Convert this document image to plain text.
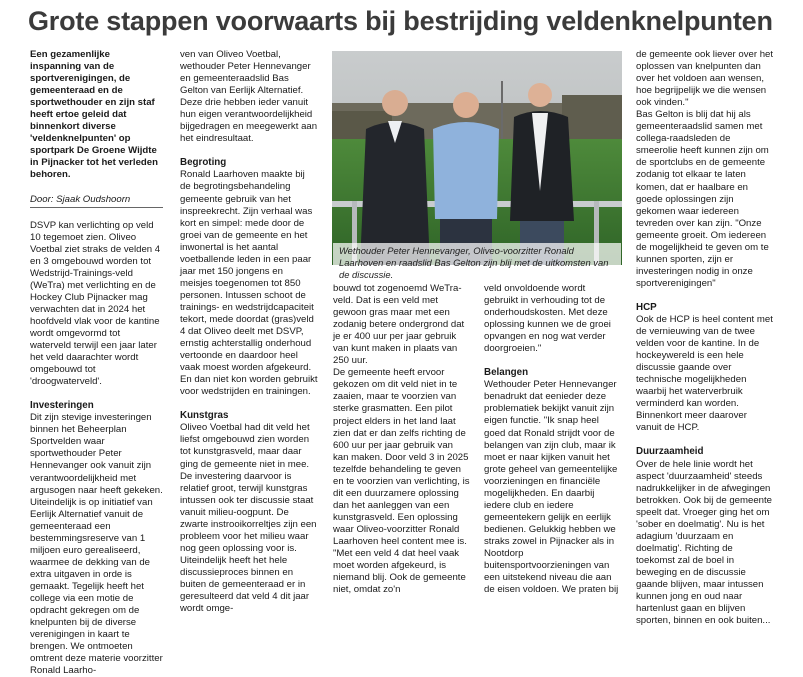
Grote stappen voorwaarts bij bestrijding veldenknelpunten

Een gezamenlijke inspanning van de sportverenigingen, de gemeenteraad en de sportwethouder en zijn staf heeft ertoe geleid dat binnenkort diverse 'veldenknelpunten' op sportpark De Groene Wijdte in Pijnacker tot het verleden behoren.

Door: Sjaak Oudshoorn

DSVP kan verlichting op veld 10 tegemoet zien. Oliveo Voetbal ziet straks de velden 4 en 3 omgebouwd worden tot Wedstrijd-Trainings-veld (WeTra) met verlichting en de Hockey Club Pijnacker mag verwachten dat in 2024 het hoofdveld vlak voor de kantine wordt omgevormd tot waterveld terwijl een jaar later het veld daarachter wordt omgebouwd tot 'droogwaterveld'.

Investeringen

Dit zijn stevige investeringen binnen het Beheerplan Sportvelden waar sportwethouder Peter Hennevanger ook vanuit zijn verantwoordelijkheid met argusogen naar heeft gekeken. Uiteindelijk is op initiatief van Eerlijk Alternatief vanuit de gemeenteraad een bestemmingsreserve van 1 miljoen euro gerealiseerd, waarmee de dekking van de extra uitgaven in orde is gemaakt. Tegelijk heeft het college via een motie de opdracht gekregen om de knelpunten bij de diverse verenigingen in kaart te brengen. We ontmoeten omtrent deze materie voorzitter Ronald Laarho-

ven van Oliveo Voetbal, wethouder Peter Hennevanger en gemeenteraadslid Bas Gelton van Eerlijk Alternatief. Deze drie hebben ieder vanuit hun eigen verantwoordelijkheid bijgedragen en meegewerkt aan het eindresultaat.

Begroting

Ronald Laarhoven maakte bij de begrotingsbehandeling gemeente gebruik van het inspreekrecht. Zijn verhaal was kort en simpel: mede door de groei van de gemeente en het inwonertal is het aantal voetballende leden in een paar jaar met 150 jongens en meisjes toegenomen tot 850 personen. Intussen schoot de trainings- en wedstrijdcapaciteit tekort, mede doordat (gras)veld 4 dat Oliveo deelt met DSVP, ernstig achterstallig onderhoud vertoonde en daardoor heel vaak moest worden afgekeurd. En dan niet kon worden gebruikt voor wedstrijden en trainingen.

Kunstgras

Oliveo Voetbal had dit veld het liefst omgebouwd zien worden tot kunstgrasveld, maar daar ging de gemeente niet in mee. De investering daarvoor is relatief groot, terwijl kunstgras intussen ook ter discussie staat vanuit milieu-oogpunt. De zwarte instrooikorreltjes zijn een probleem voor het milieu waar nog geen oplossing voor is. Uiteindelijk heeft het hele discussieproces binnen en buiten de gemeenteraad er in geresulteerd dat veld 4 dit jaar wordt omge-

Wethouder Peter Hennevanger, Oliveo-voorzitter Ronald Laarhoven en raadslid Bas Gelton zijn blij met de uitkomsten van de discussie.

bouwd tot zogenoemd WeTra-veld. Dat is een veld met gewoon gras maar met een zodanig betere ondergrond dat je er 400 uur per jaar gebruik van kunt maken in plaats van 250 uur.

De gemeente heeft ervoor gekozen om dit veld niet in te zaaien, maar te voorzien van sterke grasmatten. Een pilot project elders in het land laat zien dat er dan zelfs richting de 600 uur per jaar gebruik van kan maken. Door veld 3 in 2025 tezelfde behandeling te geven en te voorzien van verlichting, is dit een duurzamere oplossing dan het aanleggen van een kunstgrasveld. Een oplossing waar Oliveo-voorzitter Ronald Laarhoven heel content mee is.

"Met een veld 4 dat heel vaak moet worden afgekeurd, is niemand blij. Ook de gemeente niet, omdat zo'n

veld onvoldoende wordt gebruikt in verhouding tot de onderhoudskosten. Met deze oplossing kunnen we de groei opvangen en nog wat verder doorgroeien."

Belangen

Wethouder Peter Hennevanger benadrukt dat eenieder deze problematiek bekijkt vanuit zijn eigen functie. "Ik snap heel goed dat Ronald strijdt voor de belangen van zijn club, maar ik moet er naar kijken vanuit het grote geheel van gemeentelijke voorzieningen en financiële mogelijkheden. En daarbij iedere club en iedere gemeentekern gelijk en eerlijk bedienen. Gelukkig hebben we straks zowel in Pijnacker als in Nootdorp buitensportvoorzieningen van een uitstekend niveau die aan de eisen voldoen. We praten bij

de gemeente ook liever over het oplossen van knelpunten dan over het voldoen aan wensen, hoe begrijpelijk we die wensen ook vinden."

Bas Gelton is blij dat hij als gemeenteraadslid samen met collega-raadsleden de smeerolie heeft kunnen zijn om de sportclubs en de gemeente zodanig tot elkaar te laten komen, dat er haalbare en goede oplossingen zijn gekomen waar iedereen tevreden over kan zijn. "Onze gemeente groeit. Om iedereen de mogelijkheid te geven om te kunnen sporten, zijn er investeringen nodig in onze sportverenigingen"

HCP

Ook de HCP is heel content met de vernieuwing van de twee velden voor de kantine. In de hockeywereld is een hele discussie gaande over technische mogelijkheden waarbij het waterverbruik verminderd kan worden. Binnenkort meer daarover vanuit de HCP.

Duurzaamheid

Over de hele linie wordt het aspect 'duurzaamheid' steeds nadrukkelijker in de afwegingen betrokken. Ook bij de gemeente speelt dat. Vroeger ging het om 'sober en doelmatig'. Nu is het adagium 'duurzaam en doelmatig'. Richting de toekomst zal de boel in beweging en de discussie gaande blijven, maar intussen kunnen jong en oud naar hartenlust gaan en blijven sporten, binnen en ook buiten...
